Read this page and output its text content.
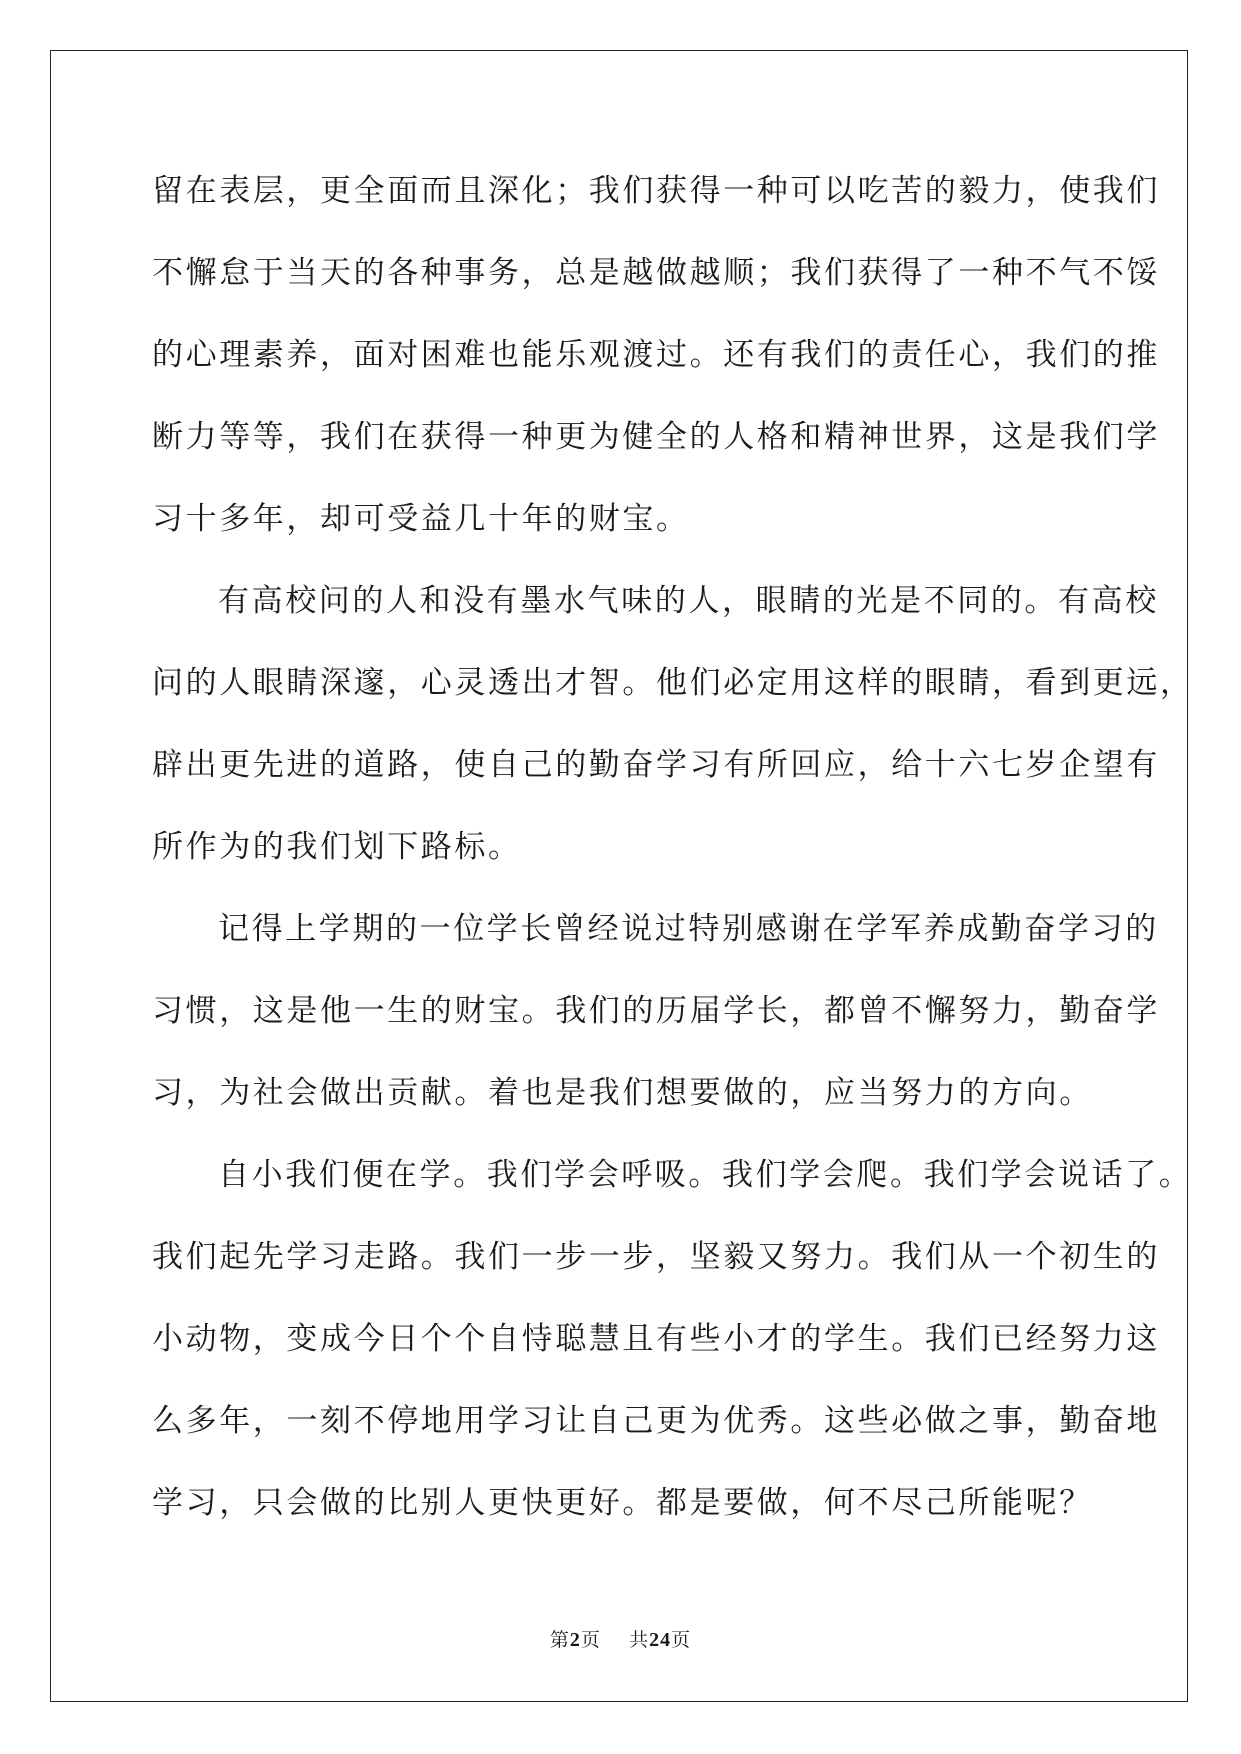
留在表层，更全面而且深化；我们获得一种可以吃苦的毅力，使我们
不懈怠于当天的各种事务，总是越做越顺；我们获得了一种不气不馁
的心理素养，面对困难也能乐观渡过。还有我们的责任心，我们的推
断力等等，我们在获得一种更为健全的人格和精神世界，这是我们学
习十多年，却可受益几十年的财宝。
有高校问的人和没有墨水气味的人，眼睛的光是不同的。有高校
问的人眼睛深邃，心灵透出才智。他们必定用这样的眼睛，看到更远，
辟出更先进的道路，使自己的勤奋学习有所回应，给十六七岁企望有
所作为的我们划下路标。
记得上学期的一位学长曾经说过特别感谢在学军养成勤奋学习的
习惯，这是他一生的财宝。我们的历届学长，都曾不懈努力，勤奋学
习，为社会做出贡献。着也是我们想要做的，应当努力的方向。
自小我们便在学。我们学会呼吸。我们学会爬。我们学会说话了。
我们起先学习走路。我们一步一步，坚毅又努力。我们从一个初生的
小动物，变成今日个个自恃聪慧且有些小才的学生。我们已经努力这
么多年，一刻不停地用学习让自己更为优秀。这些必做之事，勤奋地
学习，只会做的比别人更快更好。都是要做，何不尽己所能呢？
第2页 共24页
